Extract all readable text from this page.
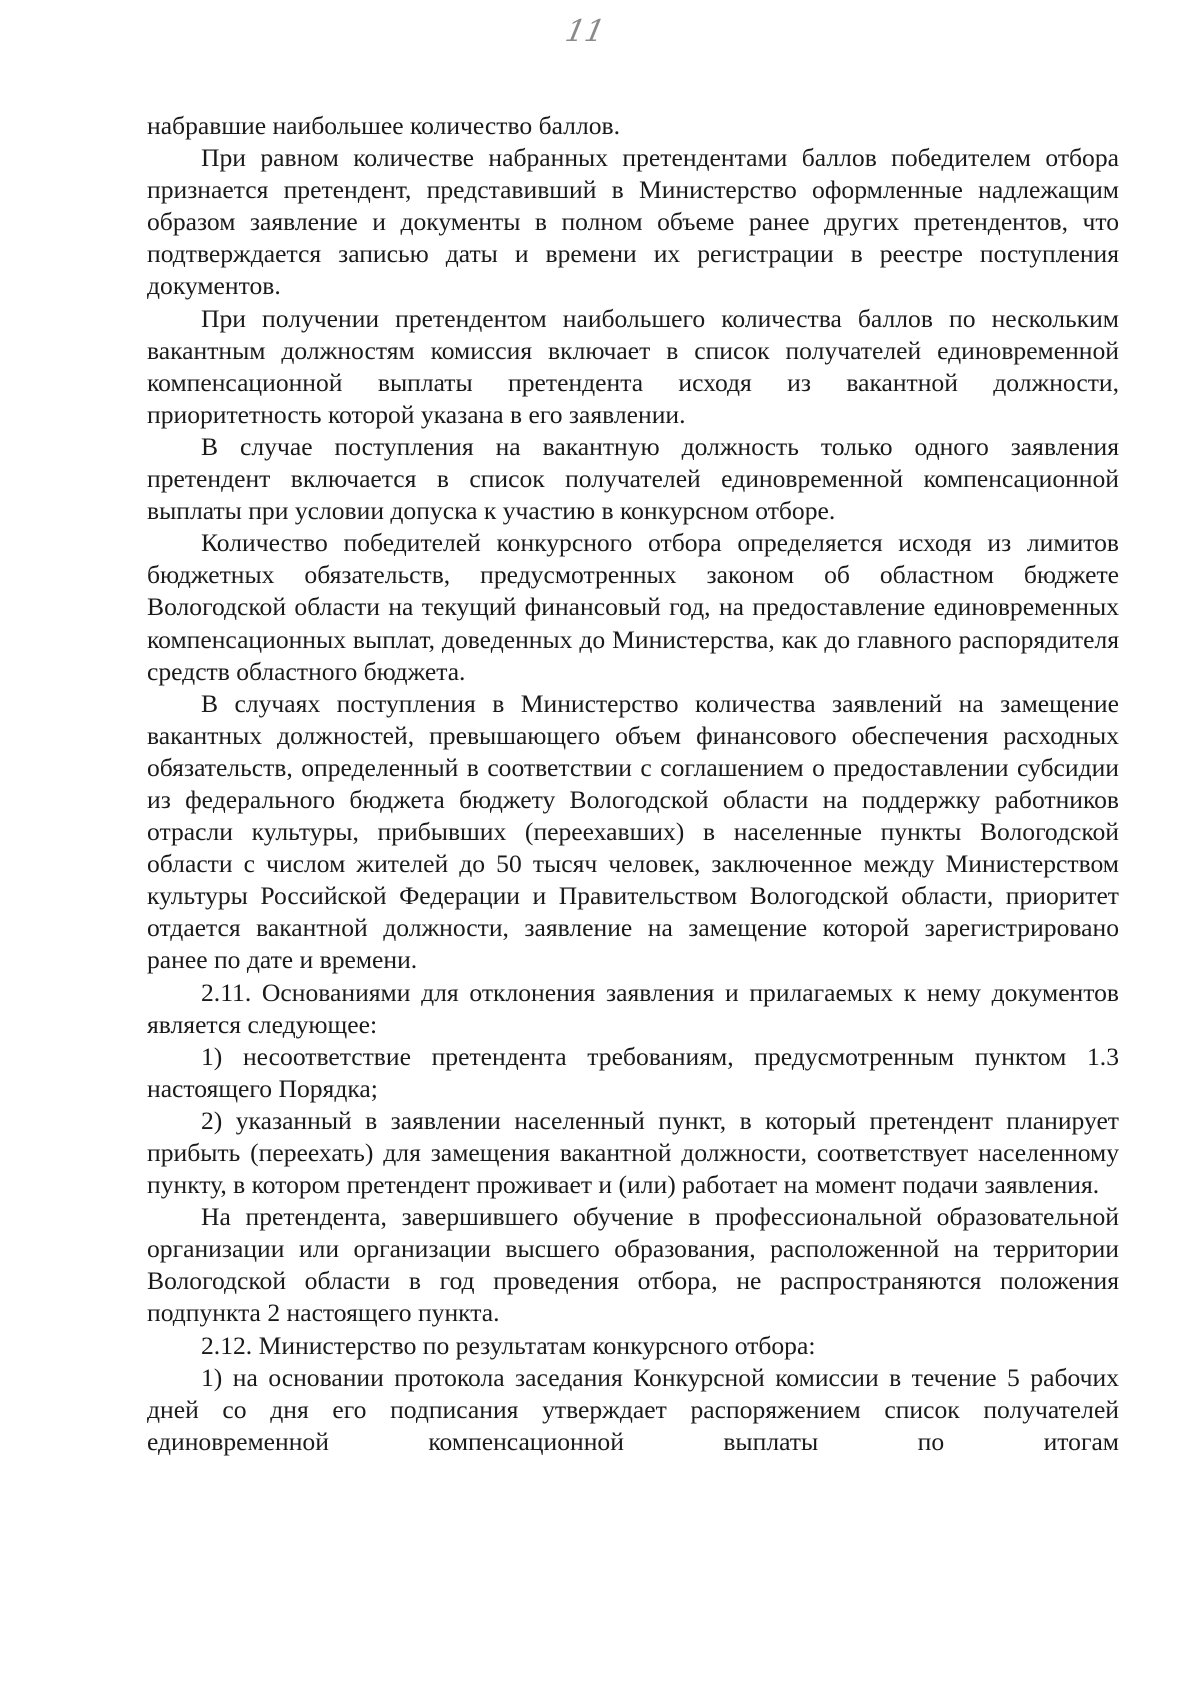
11

набравшие наибольшее количество баллов.

При равном количестве набранных претендентами баллов победителем отбора признается претендент, представивший в Министерство оформленные надлежащим образом заявление и документы в полном объеме ранее других претендентов, что подтверждается записью даты и времени их регистрации в реестре поступления документов.

При получении претендентом наибольшего количества баллов по нескольким вакантным должностям комиссия включает в список получателей единовременной компенсационной выплаты претендента исходя из вакантной должности, приоритетность которой указана в его заявлении.

В случае поступления на вакантную должность только одного заявления претендент включается в список получателей единовременной компенсационной выплаты при условии допуска к участию в конкурсном отборе.

Количество победителей конкурсного отбора определяется исходя из лимитов бюджетных обязательств, предусмотренных законом об областном бюджете Вологодской области на текущий финансовый год, на предоставление единовременных компенсационных выплат, доведенных до Министерства, как до главного распорядителя средств областного бюджета.

В случаях поступления в Министерство количества заявлений на замещение вакантных должностей, превышающего объем финансового обеспечения расходных обязательств, определенный в соответствии с соглашением о предоставлении субсидии из федерального бюджета бюджету Вологодской области на поддержку работников отрасли культуры, прибывших (переехавших) в населенные пункты Вологодской области с числом жителей до 50 тысяч человек, заключенное между Министерством культуры Российской Федерации и Правительством Вологодской области, приоритет отдается вакантной должности, заявление на замещение которой зарегистрировано ранее по дате и времени.

2.11. Основаниями для отклонения заявления и прилагаемых к нему документов является следующее:

1) несоответствие претендента требованиям, предусмотренным пунктом 1.3 настоящего Порядка;

2) указанный в заявлении населенный пункт, в который претендент планирует прибыть (переехать) для замещения вакантной должности, соответствует населенному пункту, в котором претендент проживает и (или) работает на момент подачи заявления.

На претендента, завершившего обучение в профессиональной образовательной организации или организации высшего образования, расположенной на территории Вологодской области в год проведения отбора, не распространяются положения подпункта 2 настоящего пункта.

2.12. Министерство по результатам конкурсного отбора:

1) на основании протокола заседания Конкурсной комиссии в течение 5 рабочих дней со дня его подписания утверждает распоряжением список получателей единовременной компенсационной выплаты по итогам
